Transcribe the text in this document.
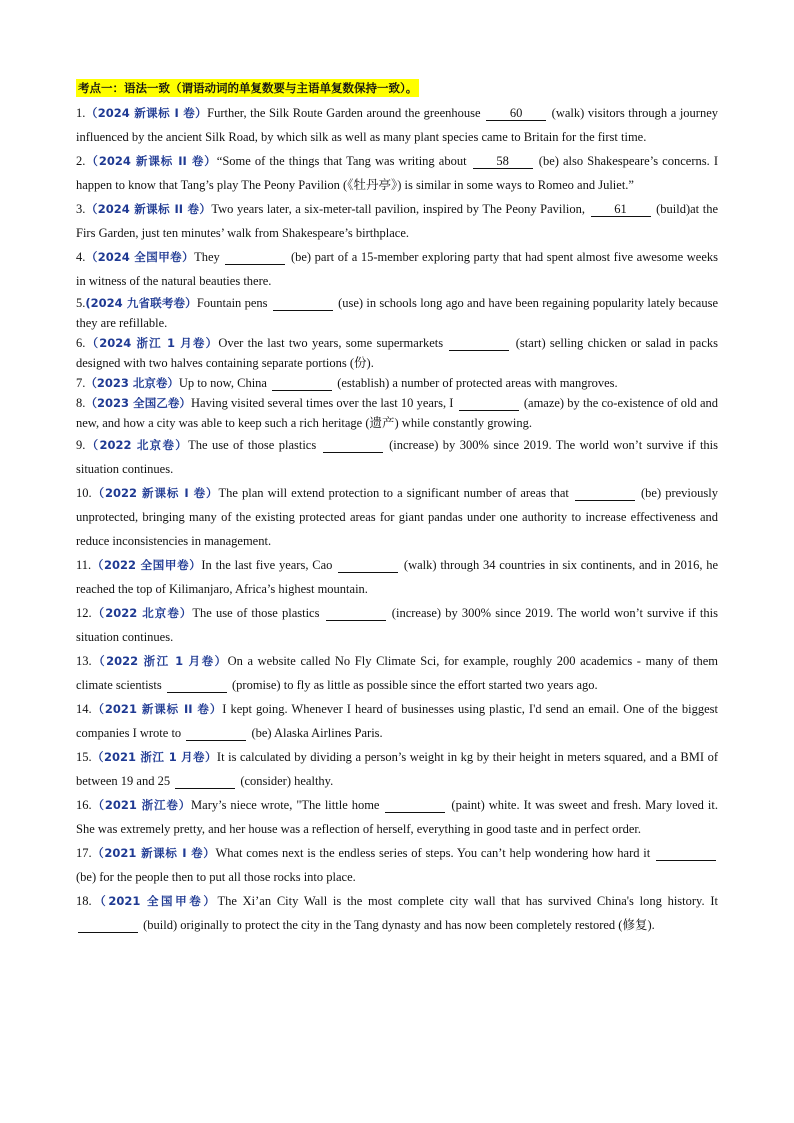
考点一：语法一致（谓语动词的单复数要与主语单复数保持一致）。

1.（2024 新课标 I 卷）Further, the Silk Route Garden around the greenhouse 60 (walk) visitors through a journey influenced by the ancient Silk Road, by which silk as well as many plant species came to Britain for the first time.

2.（2024 新课标 II 卷）“Some of the things that Tang was writing about 58 (be) also Shakespeare’s concerns. I happen to know that Tang’s play The Peony Pavilion (《牡丹亭》) is similar in some ways to Romeo and Juliet.”

3.（2024 新课标 II 卷）Two years later, a six-meter-tall pavilion, inspired by The Peony Pavilion, 61 (build)at the Firs Garden, just ten minutes’ walk from Shakespeare’s birthplace.

4.（2024 全国甲卷）They	(be) part of a 15-member exploring party that had spent almost five awesome weeks in witness of the natural beauties there.

5.(2024 九省联考卷）Fountain pens	(use) in schools long ago and have been regaining popularity lately because they are refillable.

6.（2024 浙江 1 月卷）Over the last two years, some supermarkets	(start) selling chicken or salad in packs designed with two halves containing separate portions (份).

7.（2023 北京卷）Up to now, China	(establish) a number of protected areas with mangroves.

8.（2023 全国乙卷）Having visited several times over the last 10 years, I	(amaze) by the co-existence of old and new, and how a city was able to keep such a rich heritage (遗产) while constantly growing.

9.（2022 北京卷）The use of those plastics	(increase) by 300% since 2019. The world won’t survive if this situation continues.

10.（2022 新课标 I 卷）The plan will extend protection to a significant number of areas that	(be) previously unprotected, bringing many of the existing protected areas for giant pandas under one authority to increase effectiveness and reduce inconsistencies in management.

11.（2022 全国甲卷）In the last five years, Cao	(walk) through 34 countries in six continents, and in 2016, he reached the top of Kilimanjaro, Africa’s highest mountain.

12.（2022 北京卷）The use of those plastics	(increase) by 300% since 2019. The world won’t survive if this situation continues.

13.（2022 浙江 1 月卷）On a website called No Fly Climate Sci, for example, roughly 200 academics - many of them climate scientists	(promise) to fly as little as possible since the effort started two years ago.

14.（2021 新课标 II 卷）I kept going. Whenever I heard of businesses using plastic, I'd send an email. One of the biggest companies I wrote to	(be) Alaska Airlines Paris.

15.（2021 浙江 1 月卷）It is calculated by dividing a person’s weight in kg by their height in meters squared, and a BMI of between 19 and 25	(consider) healthy.

16.（2021 浙江卷）Mary’s niece wrote, "The little home	(paint) white. It was sweet and fresh. Mary loved it. She was extremely pretty, and her house was a reflection of herself, everything in good taste and in perfect order.

17.（2021 新课标 I 卷）What comes next is the endless series of steps. You can’t help wondering how hard it   (be) for the people then to put all those rocks into place.

18.（2021 全国甲卷）The Xi’an City Wall is the most complete city wall that has survived China's long history. It   (build) originally to protect the city in the Tang dynasty and has now been completely restored (修复).
